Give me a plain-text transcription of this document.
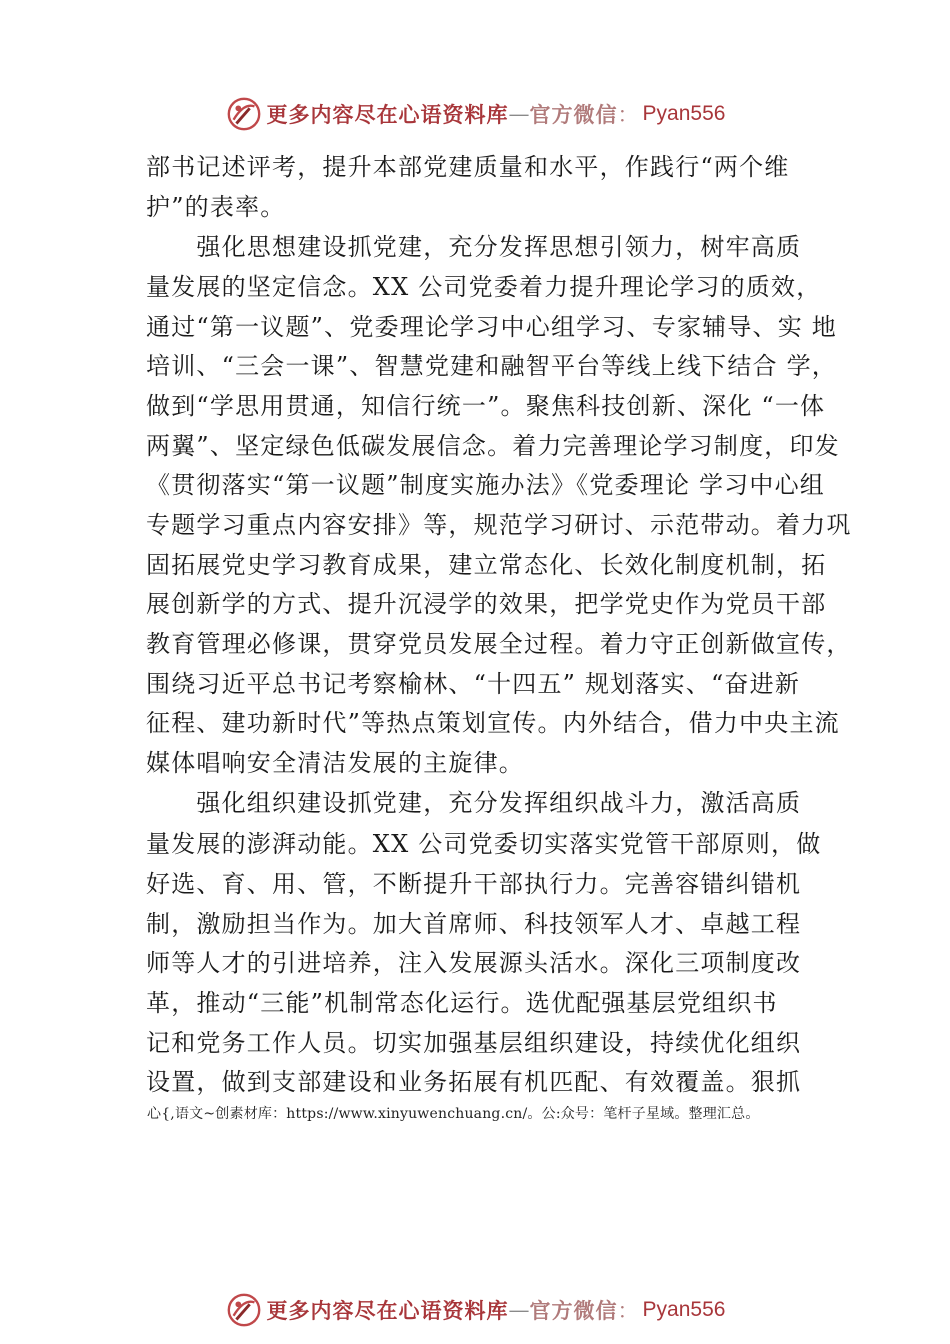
更多内容尽在心语资料库 — 官方微信 ： Pyan556
部书记述评考，提升本部党建质量和水平，作践行“两个维
护”的表率。
　　强化思想建设抓党建，充分发挥思想引领力，树牢高质
量发展的坚定信念。XX 公司党委着力提升理论学习的质效，
通过“第一议题”、党委理论学习中心组学习、专家辅导、实 地
培训、“三会一课”、智慧党建和融智平台等线上线下结合 学，
做到“学思用贯通，知信行统一”。聚焦科技创新、深化 “一体
两翼”、坚定绿色低碳发展信念。着力完善理论学习制度，印发
《贯彻落实“第一议题”制度实施办法》《党委理论 学习中心组
专题学习重点内容安排》等，规范学习研讨、示范带动。着力巩
固拓展党史学习教育成果，建立常态化、长效化制度机制，拓
展创新学的方式、提升沉浸学的效果，把学党史作为党员干部
教育管理必修课，贯穿党员发展全过程。着力守正创新做宣传，
围绕习近平总书记考察榆林、“十四五” 规划落实、“奋进新
征程、建功新时代”等热点策划宣传。内外结合，借力中央主流
媒体唱响安全清洁发展的主旋律。
　　强化组织建设抓党建，充分发挥组织战斗力，激活高质
量发展的澎湃动能。XX 公司党委切实落实党管干部原则，做
好选、育、用、管，不断提升干部执行力。完善容错纠错机
制，激励担当作为。加大首席师、科技领军人才、卓越工程
师等人才的引进培养，注入发展源头活水。深化三项制度改
革，推动“三能”机制常态化运行。选优配强基层党组织书
记和党务工作人员。切实加强基层组织建设，持续优化组织
设置，做到支部建设和业务拓展有机匹配、有效覆盖。狠抓
心{,语文~创素材库：https://www.xinyuwenchuang.cn/。公:众号：笔杆子星域。整理汇总。
更多内容尽在心语资料库 — 官方微信 ： Pyan556
